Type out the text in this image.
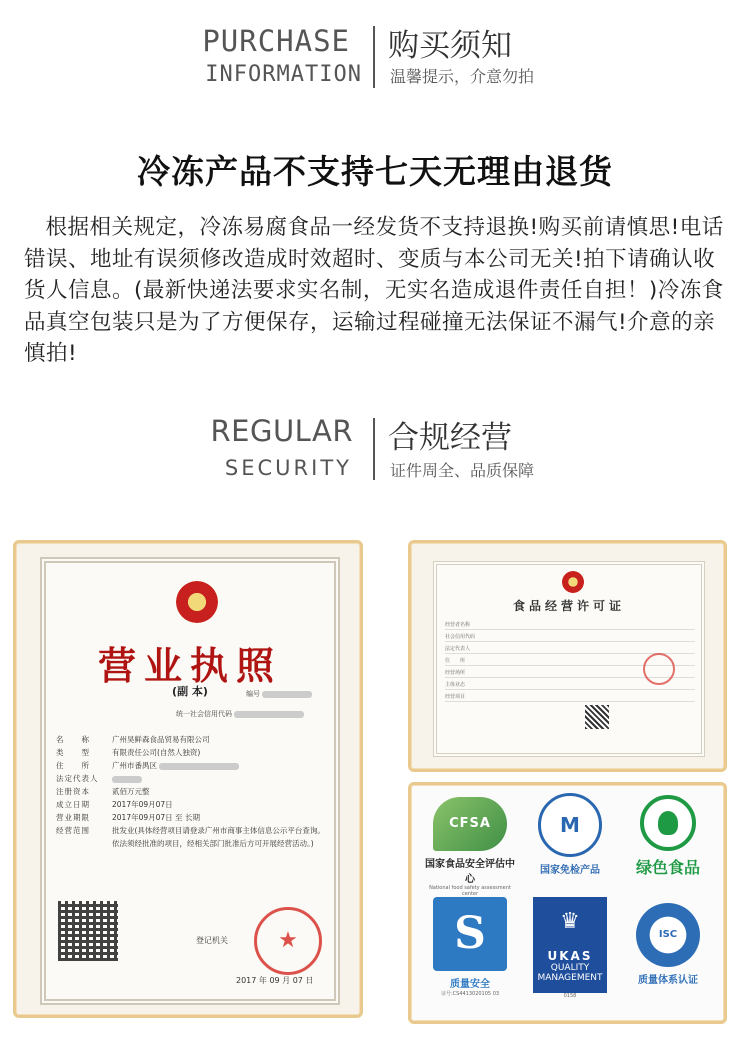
PURCHASE
INFORMATION
购买须知
温馨提示，介意勿拍
冷冻产品不支持七天无理由退货
根据相关规定，冷冻易腐食品一经发货不支持退换!购买前请慎思!电话错误、地址有误须修改造成时效超时、变质与本公司无关!拍下请确认收货人信息。(最新快递法要求实名制，无实名造成退件责任自担！)冷冻食品真空包装只是为了方便保存，运输过程碰撞无法保证不漏气!介意的亲慎拍!
REGULAR
SECURITY
合规经营
证件周全、品质保障
营业执照
(副 本)	编号
统一社会信用代码
名　　称	广州昊鲜森食品贸易有限公司
类　　型	有限责任公司(自然人独资)
住　　所	广州市番禺区
法定代表人
注册资本	贰佰万元整
成立日期	2017年09月07日
营业期限	2017年09月07日 至 长期
经营范围	批发业(具体经营项目请登录广州市商事主体信息公示平台查询。依法须经批准的项目，经相关部门批准后方可开展经营活动。)
登记机关	★
2017 年 09 月 07 日
食品经营许可证
经营者名称
社会信用代码
法定代表人
住　　所
经营场所
主体业态
经营项目
CFSA
国家食品安全评估中心
National food safety assessment center
M
国家免检产品	绿色食品
S
质量安全
证号:CS4413020105 03
♛
UKAS
QUALITY MANAGEMENT
0158
ISC
质量体系认证
